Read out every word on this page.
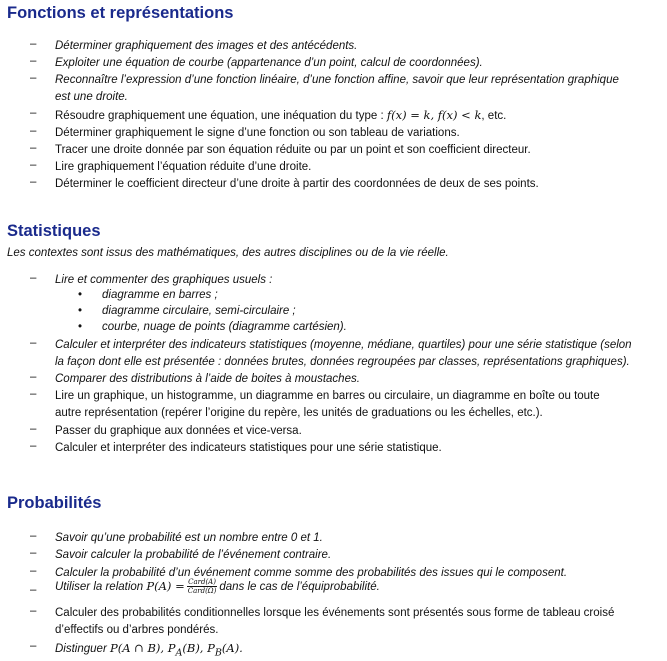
Fonctions et représentations
–	Déterminer graphiquement des images et des antécédents.
–	Exploiter une équation de courbe (appartenance d’un point, calcul de coordonnées).
–	Reconnaître l’expression d’une fonction linéaire, d’une fonction affine, savoir que leur représentation graphique
est une droite.
–	Résoudre graphiquement une équation, une inéquation du type : f(x) = k, f(x) < k, etc.
–	Déterminer graphiquement le signe d’une fonction ou son tableau de variations.
–	Tracer une droite donnée par son équation réduite ou par un point et son coefficient directeur.
–	Lire graphiquement l’équation réduite d’une droite.
–	Déterminer le coefficient directeur d’une droite à partir des coordonnées de deux de ses points.
Statistiques
Les contextes sont issus des mathématiques, des autres disciplines ou de la vie réelle.
–	Lire et commenter des graphiques usuels :
• diagramme en barres ;
• diagramme circulaire, semi-circulaire ;
• courbe, nuage de points (diagramme cartésien).
–	Calculer et interpréter des indicateurs statistiques (moyenne, médiane, quartiles) pour une série statistique (selon
la façon dont elle est présentée : données brutes, données regroupées par classes, représentations graphiques).
–	Comparer des distributions à l’aide de boites à moustaches.
–	Lire un graphique, un histogramme, un diagramme en barres ou circulaire, un diagramme en boîte ou toute
autre représentation (repérer l’origine du repère, les unités de graduations ou les échelles, etc.).
–	Passer du graphique aux données et vice-versa.
–	Calculer et interpréter des indicateurs statistiques pour une série statistique.
Probabilités
–	Savoir qu’une probabilité est un nombre entre 0 et 1.
–	Savoir calculer la probabilité de l’événement contraire.
–	Calculer la probabilité d’un événement comme somme des probabilités des issues qui le composent.
–	Utiliser la relation $P(A) = \frac{\text{Card(A)}}{\text{Card(Ω)}}$ dans le cas de l’équiprobabilité.
–	Calculer des probabilités conditionnelles lorsque les événements sont présentés sous forme de tableau croisé
d’effectifs ou d’arbres pondérés.
–	Distinguer P(A ∩ B), $P_A(B)$, $P_B(A)$.
